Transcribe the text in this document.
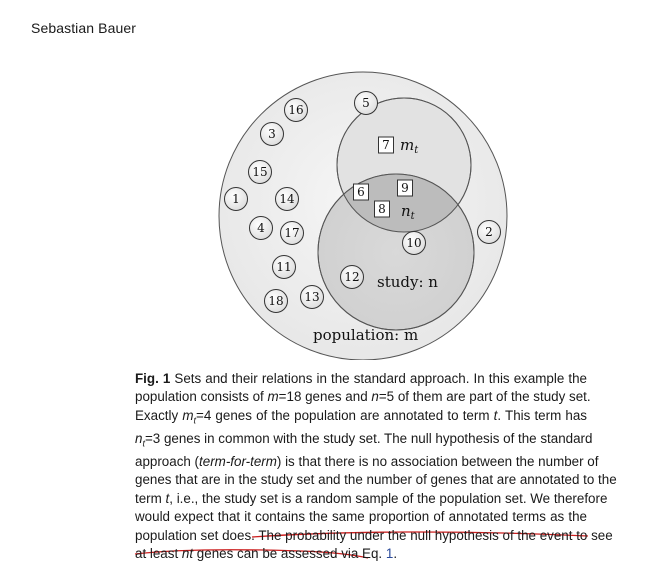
Sebastian Bauer
16	5
3
15
1	14
4 17
11
18 13
12
10
2
6	9
8
7 $m_t$
$n_t$
study: n
population: m
Fig. 1 Sets and their relations in the standard approach. In this example the
population consists of m=18 genes and n=5 of them are part of the study set.
Exactly $m_t=4$ genes of the population are annotated to term t. This term has
$n_t=3$ genes in common with the study set. The null hypothesis of the standard
approach (term-for-term) is that there is no association between the number of
genes that are in the study set and the number of genes that are annotated to the
term t, i.e., the study set is a random sample of the population set. We therefore
would expect that it contains the same proportion of annotated terms as the
population set does. The probability under the null hypothesis of the event to see
at least nt genes can be assessed via Eq. 1.
